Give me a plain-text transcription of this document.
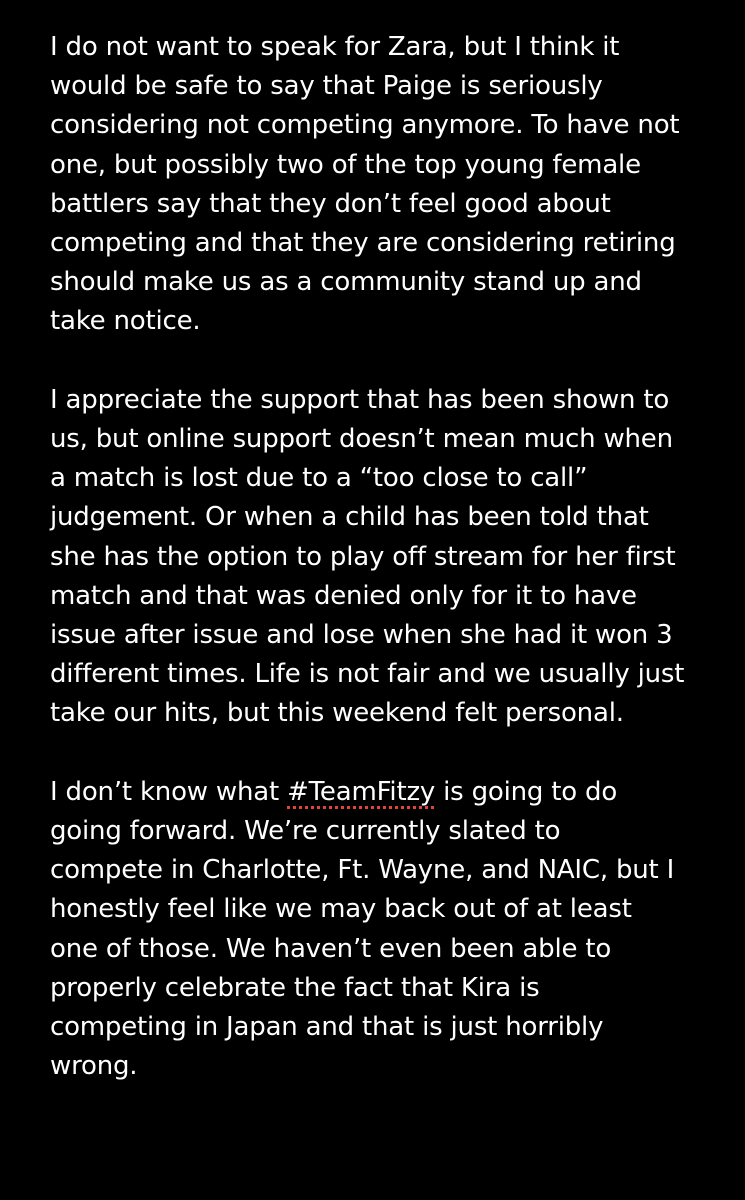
I do not want to speak for Zara, but I think it
would be safe to say that Paige is seriously
considering not competing anymore. To have not
one, but possibly two of the top young female
battlers say that they don’t feel good about
competing and that they are considering retiring
should make us as a community stand up and
take notice.

I appreciate the support that has been shown to
us, but online support doesn’t mean much when
a match is lost due to a “too close to call”
judgement. Or when a child has been told that
she has the option to play off stream for her first
match and that was denied only for it to have
issue after issue and lose when she had it won 3
different times. Life is not fair and we usually just
take our hits, but this weekend felt personal.

I don’t know what #TeamFitzy is going to do
going forward. We’re currently slated to
compete in Charlotte, Ft. Wayne, and NAIC, but I
honestly feel like we may back out of at least
one of those. We haven’t even been able to
properly celebrate the fact that Kira is
competing in Japan and that is just horribly
wrong.
